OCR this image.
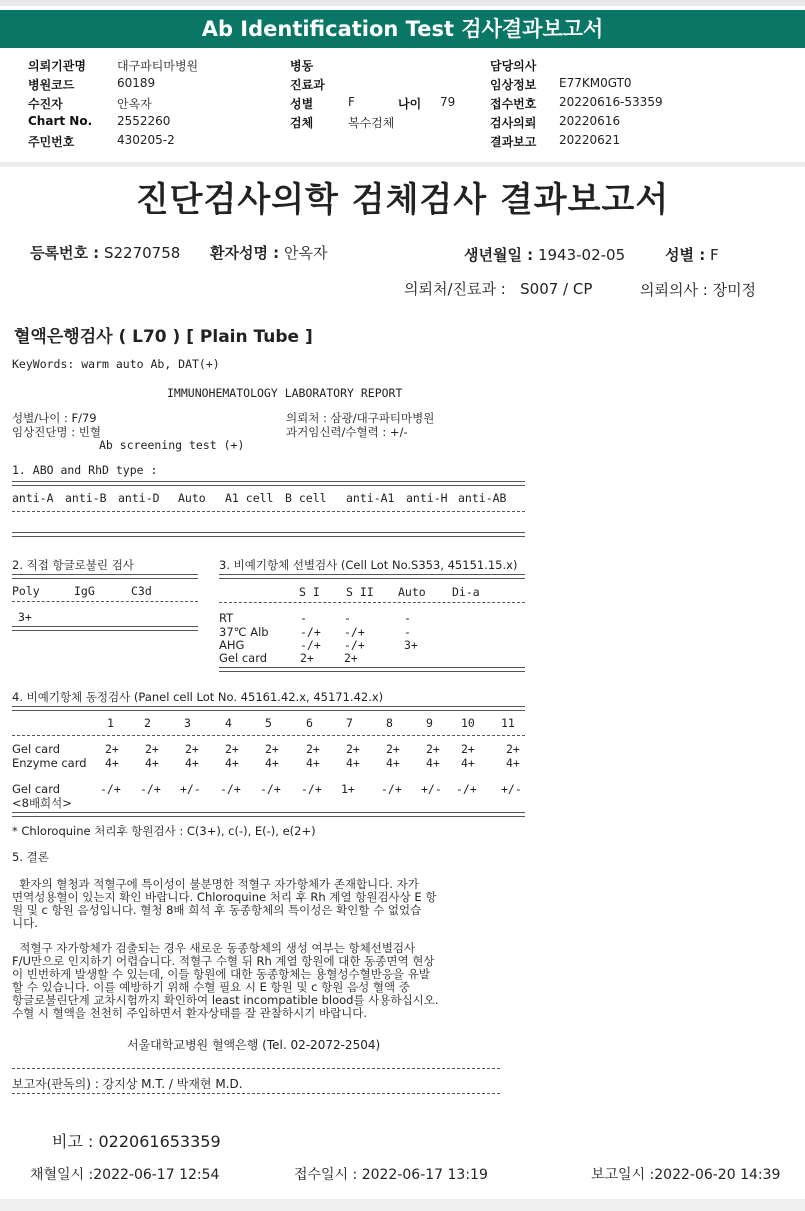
Ab Identification Test 검사결과보고서
의뢰기관명	대구파티마병원
병원코드	60189
수진자	안옥자
Chart No. 2552260
주민번호	430205-2
병동
진료과
성별	F	나이 79
검체	복수검체
담당의사
임상정보 E77KM0GT0
접수번호 20220616-53359
검사의뢰 20220616
결과보고 20220621
진단검사의학 검체검사 결과보고서
등록번호 : S2270758 환자성명 : 안옥자	생년월일 : 1943-02-05	성별 : F
의뢰처/진료과 : S007 / CP	의뢰의사 : 장미정
혈액은행검사 ( L70 ) [ Plain Tube ]
KeyWords: warm auto Ab, DAT(+)
IMMUNOHEMATOLOGY LABORATORY REPORT
성별/나이 : F/79	의뢰처 : 삼광/대구파티마병원
임상진단명 : 빈혈	과거임신력/수혈력 : +/-
Ab screening test (+)
1. ABO and RhD type :
anti-A anti-B anti-D Auto A1 cell B cell anti-A1 anti-H anti-AB
2. 직접 항글로불린 검사
Poly	IgG	C3d
3+
3. 비예기항체 선별검사 (Cell Lot No.S353, 45151.15.x)
S I S II Auto Di-a
RT	-	-	-
37℃ Alb	-/+ -/+	-
AHG	-/+ -/+	3+
Gel card	2+	2+
4. 비예기항체 동정검사 (Panel cell Lot No. 45161.42.x, 45171.42.x)
1	2	3	4	5	6	7	8	9 10 11
Gel card	2+ 2+ 2+ 2+ 2+ 2+ 2+ 2+ 2+ 2+	2+
Enzyme card 4+ 4+ 4+ 4+ 4+ 4+ 4+ 4+ 4+ 4+	4+
Gel card	-/+ -/+ +/- -/+ -/+ -/+ 1+ -/+ +/- -/+ +/-
<8배희석>
* Chloroquine 처리후 항원검사 : C(3+), c(-), E(-), e(2+)
5. 결론
환자의 혈청과 적혈구에 특이성이 불분명한 적혈구 자가항체가 존재합니다. 자가
면역성용혈이 있는지 확인 바랍니다. Chloroquine 처리 후 Rh 계열 항원검사상 E 항
원 및 c 항원 음성입니다. 혈청 8배 희석 후 동종항체의 특이성은 확인할 수 없었습
니다.
적혈구 자가항체가 검출되는 경우 새로운 동종항체의 생성 여부는 항체선별검사
F/U만으로 인지하기 어렵습니다. 적혈구 수혈 뒤 Rh 계열 항원에 대한 동종면역 현상
이 빈번하게 발생할 수 있는데, 이들 항원에 대한 동종항체는 용혈성수혈반응을 유발
할 수 있습니다. 이를 예방하기 위해 수혈 필요 시 E 항원 및 c 항원 음성 혈액 중
항글로불린단계 교차시험까지 확인하여 least incompatible blood를 사용하십시오.
수혈 시 혈액을 천천히 주입하면서 환자상태를 잘 관찰하시기 바랍니다.
서울대학교병원 혈액은행 (Tel. 02-2072-2504)
보고자(판독의) : 강지상 M.T. / 박재현 M.D.
비고 : 022061653359
채혈일시 :2022-06-17 12:54	접수일시 : 2022-06-17 13:19	보고일시 :2022-06-20 14:39
